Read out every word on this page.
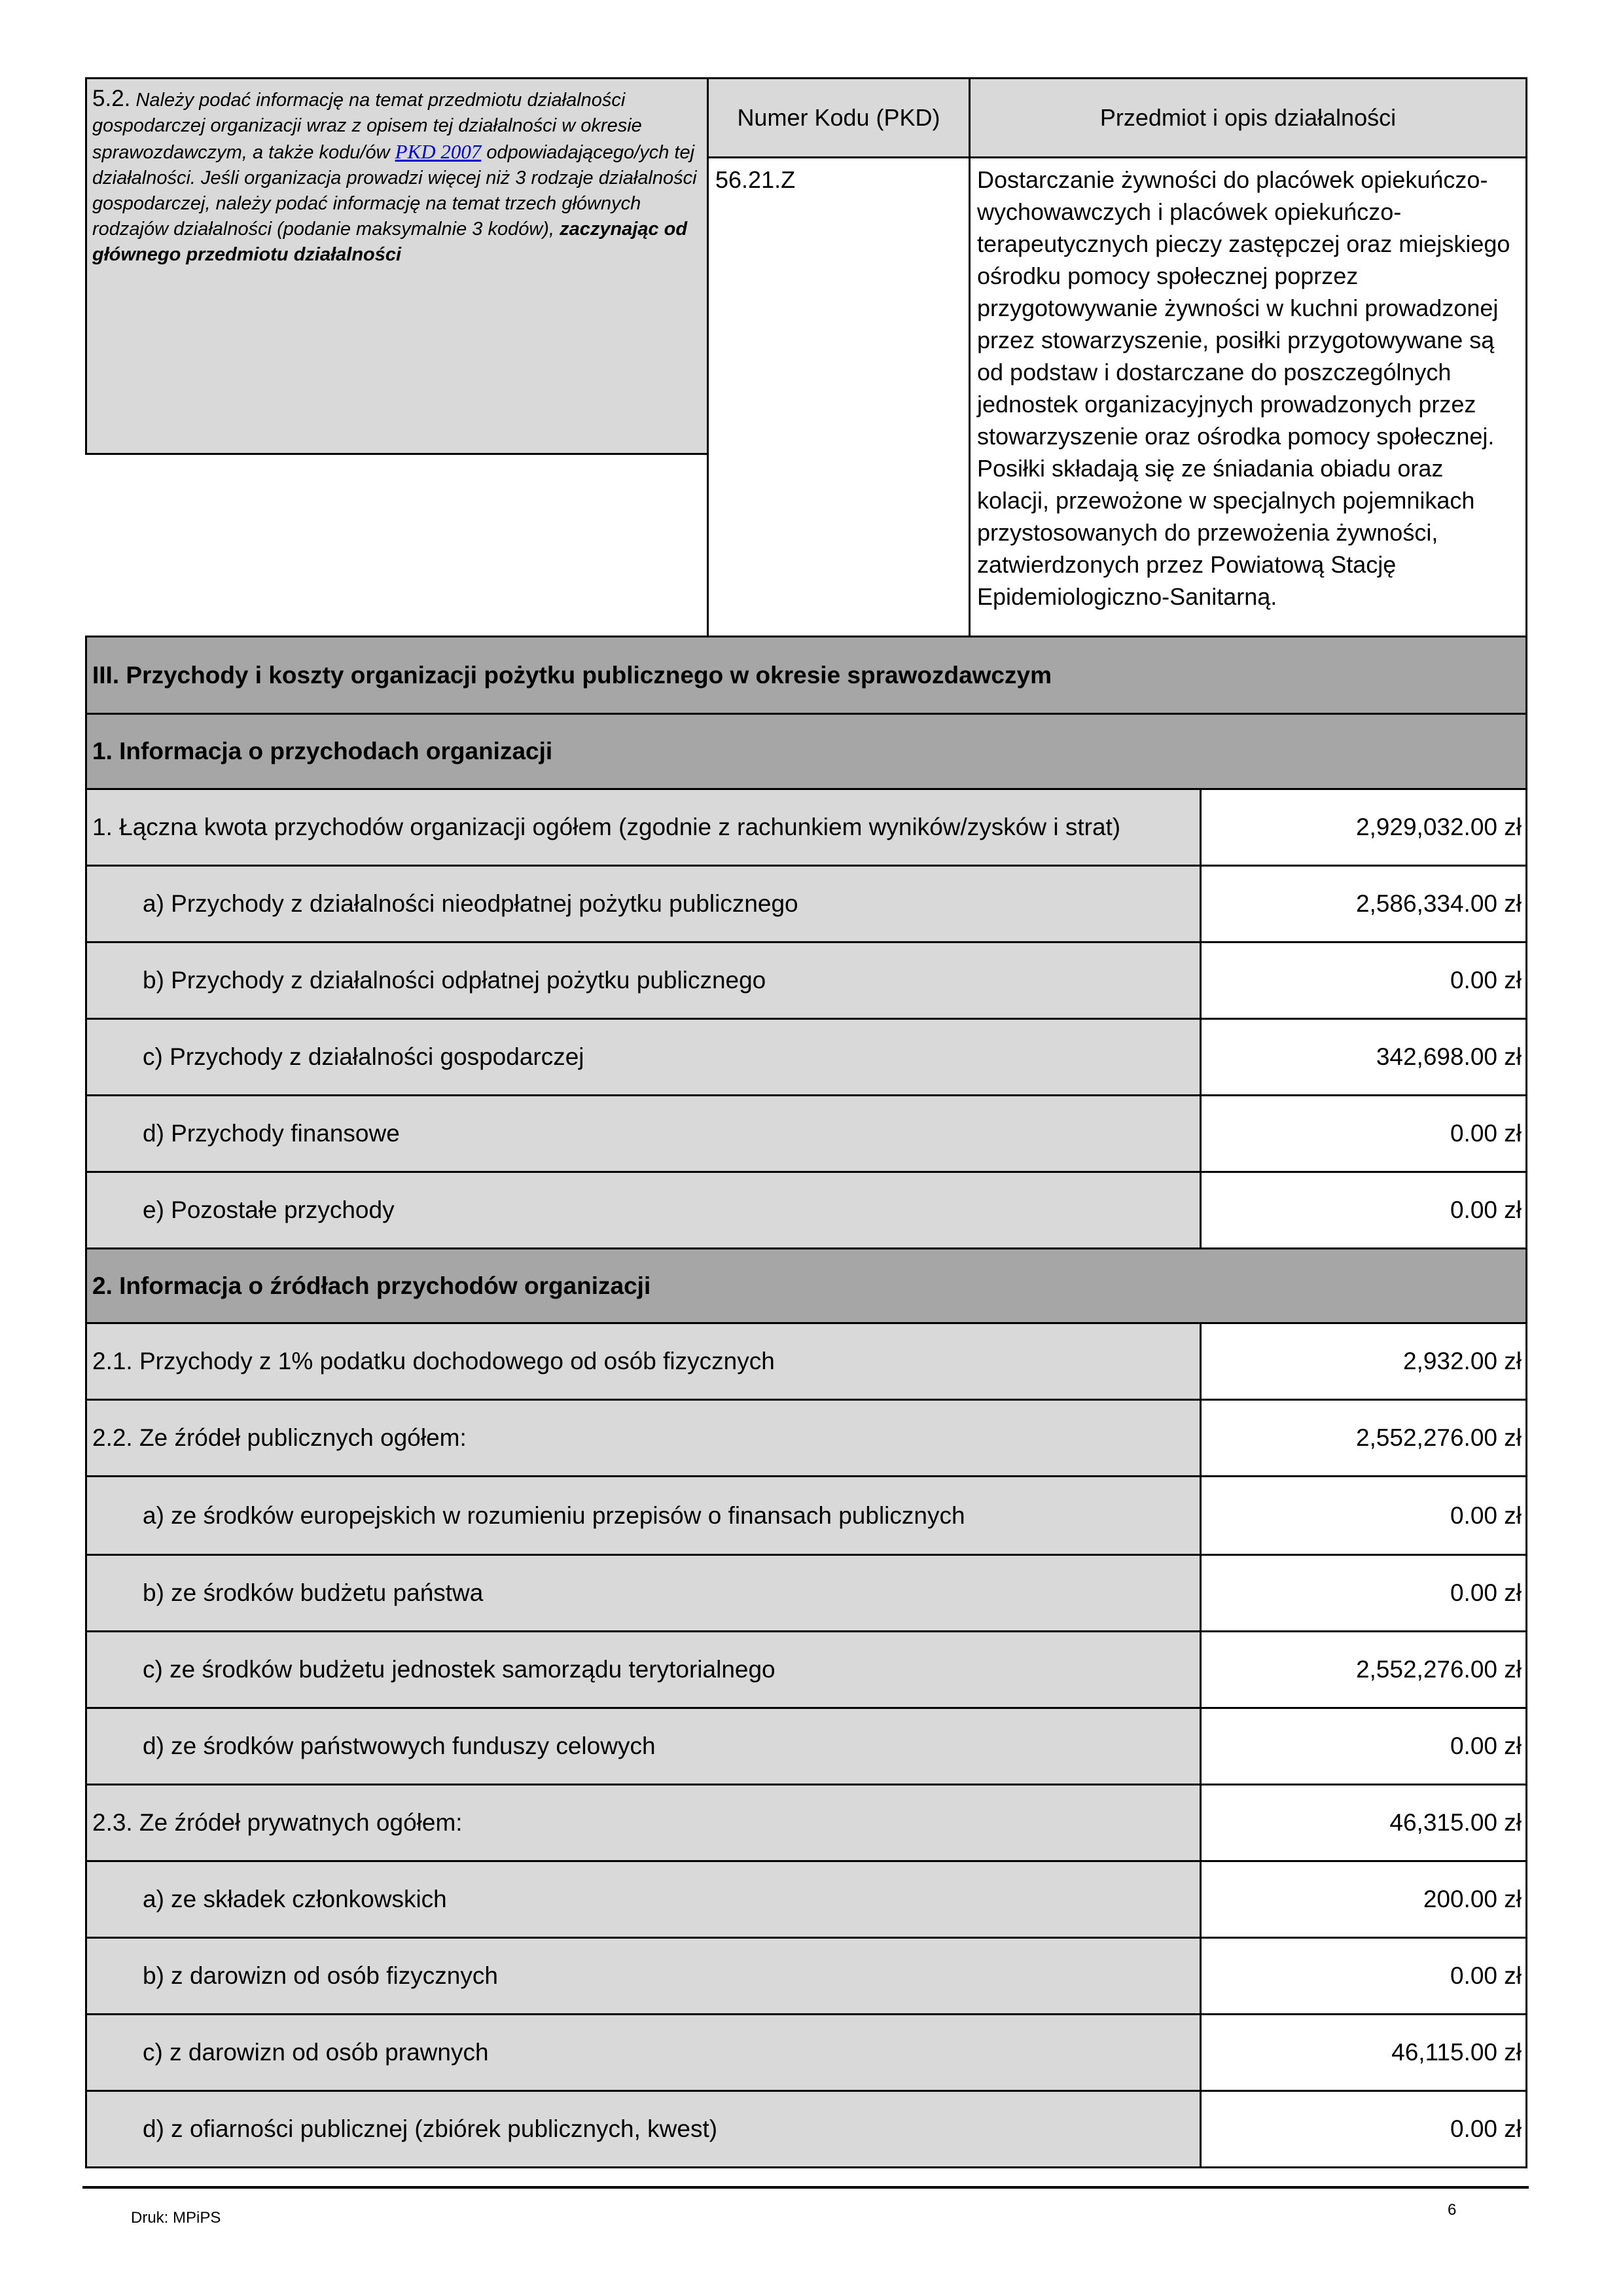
5.2. Należy podać informację na temat przedmiotu działalności gospodarczej organizacji wraz z opisem tej działalności w okresie sprawozdawczym, a także kodu/ów PKD 2007 odpowiadającego/ych tej działalności. Jeśli organizacja prowadzi więcej niż 3 rodzaje działalności gospodarczej, należy podać informację na temat trzech głównych rodzajów działalności (podanie maksymalnie 3 kodów), zaczynając od głównego przedmiotu działalności
Numer Kodu (PKD)	Przedmiot i opis działalności
56.21.Z	Dostarczanie żywności do placówek opiekuńczo-wychowawczych i placówek opiekuńczo-terapeutycznych pieczy zastępczej oraz miejskiego ośrodku pomocy społecznej poprzez przygotowywanie żywności w kuchni prowadzonej przez stowarzyszenie, posiłki przygotowywane są od podstaw i dostarczane do poszczególnych jednostek organizacyjnych prowadzonych przez stowarzyszenie oraz ośrodka pomocy społecznej. Posiłki składają się ze śniadania obiadu oraz kolacji, przewożone w specjalnych pojemnikach przystosowanych do przewożenia żywności, zatwierdzonych przez Powiatową Stację Epidemiologiczno-Sanitarną.
III. Przychody i koszty organizacji pożytku publicznego w okresie sprawozdawczym
1. Informacja o przychodach organizacji
1. Łączna kwota przychodów organizacji ogółem (zgodnie z rachunkiem wyników/zysków i strat)	2,929,032.00 zł
a) Przychody z działalności nieodpłatnej pożytku publicznego	2,586,334.00 zł
b) Przychody z działalności odpłatnej pożytku publicznego	0.00 zł
c) Przychody z działalności gospodarczej	342,698.00 zł
d) Przychody finansowe	0.00 zł
e) Pozostałe przychody	0.00 zł
2. Informacja o źródłach przychodów organizacji
2.1. Przychody z 1% podatku dochodowego od osób fizycznych	2,932.00 zł
2.2. Ze źródeł publicznych ogółem:	2,552,276.00 zł
a) ze środków europejskich w rozumieniu przepisów o finansach publicznych	0.00 zł
b) ze środków budżetu państwa	0.00 zł
c) ze środków budżetu jednostek samorządu terytorialnego	2,552,276.00 zł
d) ze środków państwowych funduszy celowych	0.00 zł
2.3. Ze źródeł prywatnych ogółem:	46,315.00 zł
a) ze składek członkowskich	200.00 zł
b) z darowizn od osób fizycznych	0.00 zł
c) z darowizn od osób prawnych	46,115.00 zł
d) z ofiarności publicznej (zbiórek publicznych, kwest)	0.00 zł
Druk: MPiPS	6
